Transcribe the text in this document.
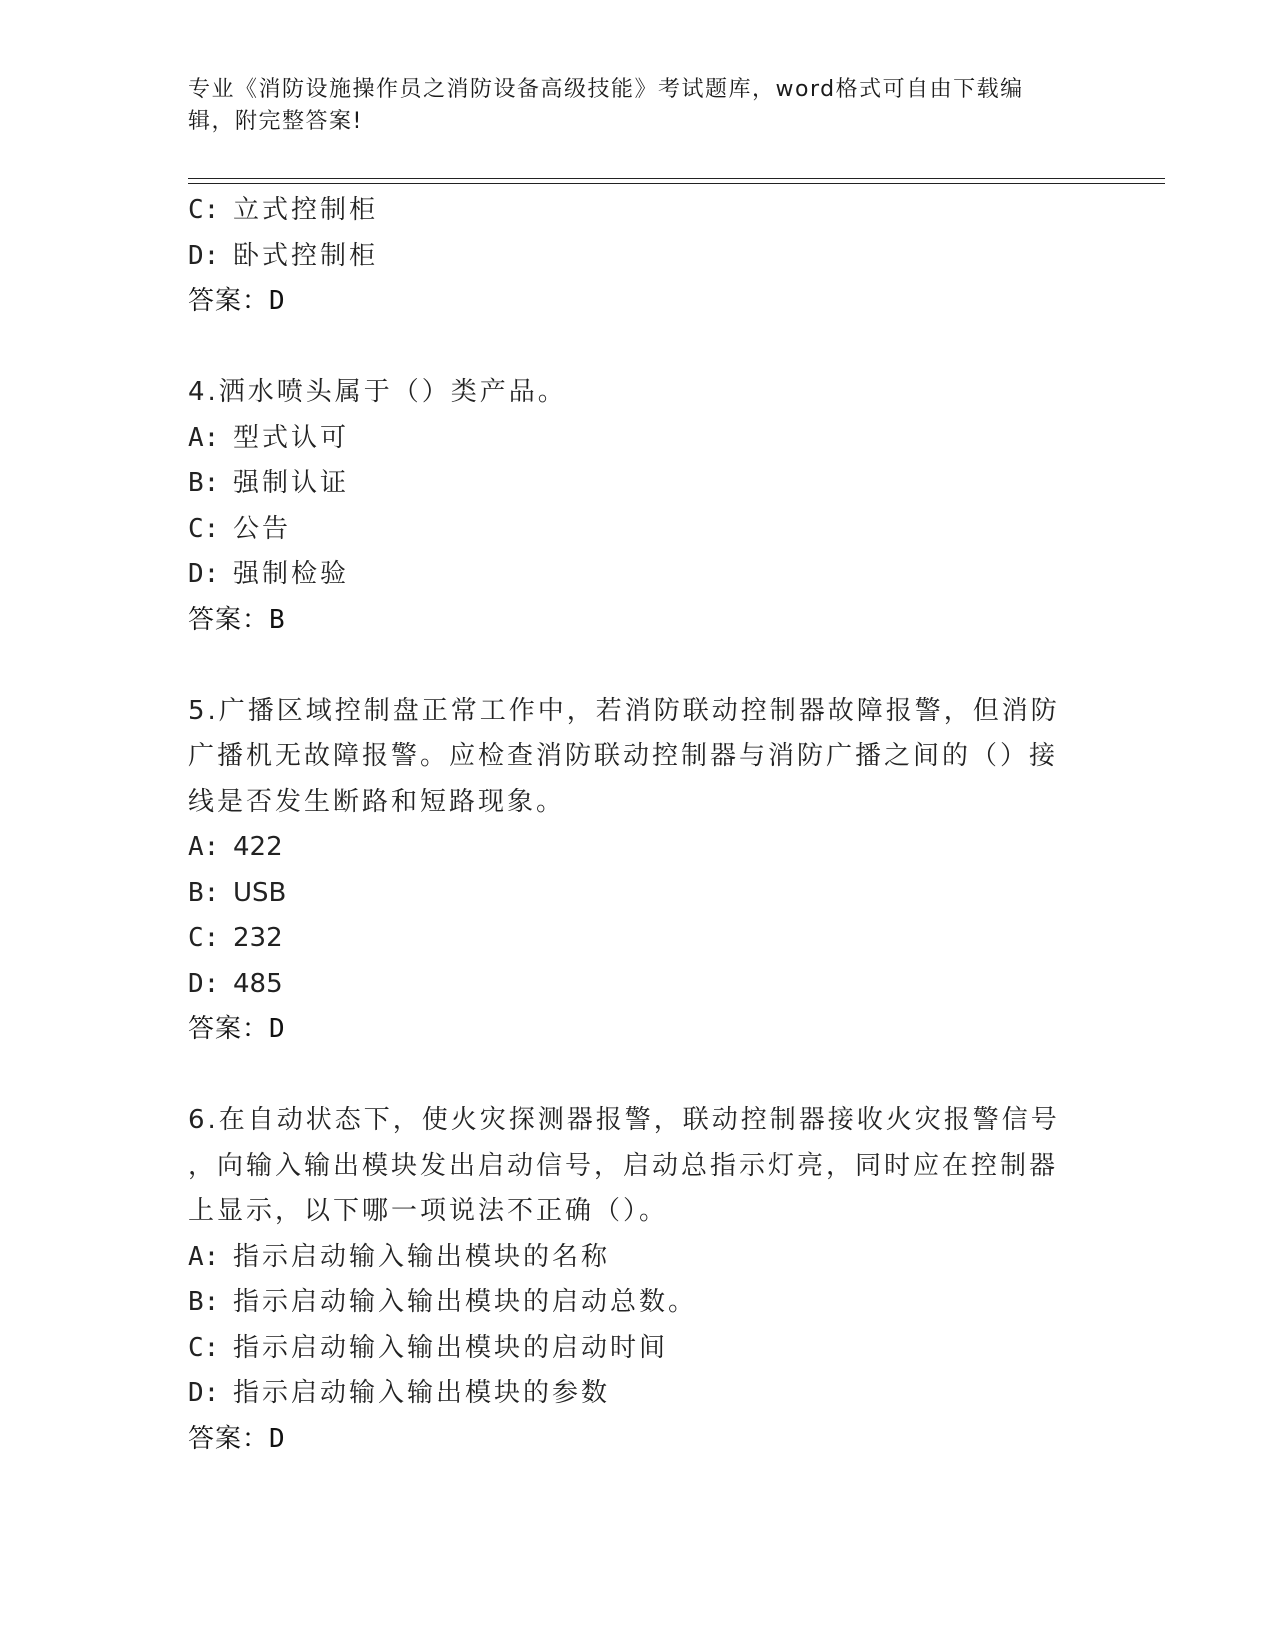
专业《消防设施操作员之消防设备高级技能》考试题库，word格式可自由下载编辑，附完整答案!

C: 立式控制柜

D: 卧式控制柜

答案：D

4.洒水喷头属于（）类产品。

A: 型式认可

B: 强制认证

C: 公告

D: 强制检验

答案：B

5.广播区域控制盘正常工作中，若消防联动控制器故障报警，但消防

广播机无故障报警。应检查消防联动控制器与消防广播之间的（）接

线是否发生断路和短路现象。

A: 422

B: USB

C: 232

D: 485

答案：D

6.在自动状态下，使火灾探测器报警，联动控制器接收火灾报警信号

，向输入输出模块发出启动信号，启动总指示灯亮，同时应在控制器

上显示，以下哪一项说法不正确（）。

A: 指示启动输入输出模块的名称

B: 指示启动输入输出模块的启动总数。

C: 指示启动输入输出模块的启动时间

D: 指示启动输入输出模块的参数

答案：D
